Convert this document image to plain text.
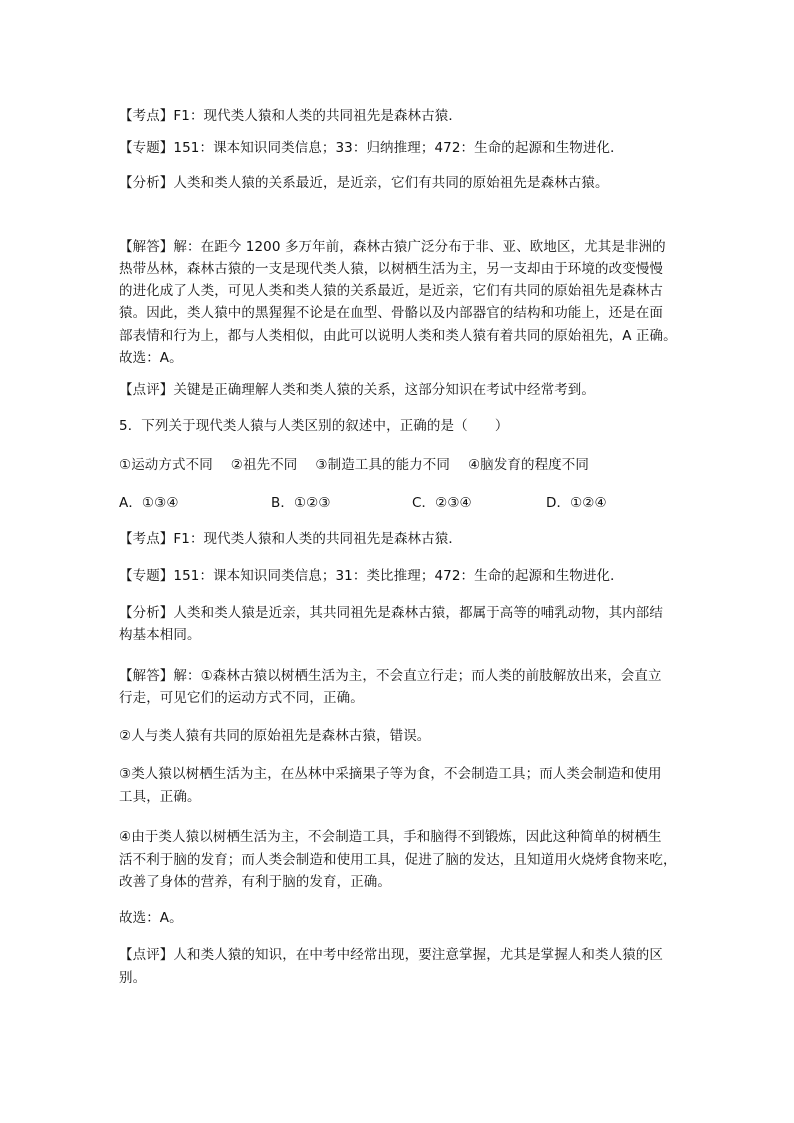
【考点】F1：现代类人猿和人类的共同祖先是森林古猿．
【专题】151：课本知识同类信息；33：归纳推理；472：生命的起源和生物进化．
【分析】人类和类人猿的关系最近，是近亲，它们有共同的原始祖先是森林古猿。
【解答】解：在距今 1200 多万年前，森林古猿广泛分布于非、亚、欧地区，尤其是非洲的
热带丛林，森林古猿的一支是现代类人猿，以树栖生活为主，另一支却由于环境的改变慢慢
的进化成了人类，可见人类和类人猿的关系最近，是近亲，它们有共同的原始祖先是森林古
猿。因此，类人猿中的黑猩猩不论是在血型、骨骼以及内部器官的结构和功能上，还是在面
部表情和行为上，都与人类相似，由此可以说明人类和类人猿有着共同的原始祖先，A 正确。
故选：A。
【点评】关键是正确理解人类和类人猿的关系，这部分知识在考试中经常考到。
5．下列关于现代类人猿与人类区别的叙述中，正确的是（　　）
①运动方式不同　 ②祖先不同　 ③制造工具的能力不同　 ④脑发育的程度不同
A．①③④	B．①②③	C．②③④	D．①②④
【考点】F1：现代类人猿和人类的共同祖先是森林古猿．
【专题】151：课本知识同类信息；31：类比推理；472：生命的起源和生物进化．
【分析】人类和类人猿是近亲，其共同祖先是森林古猿，都属于高等的哺乳动物，其内部结
构基本相同。
【解答】解：①森林古猿以树栖生活为主，不会直立行走；而人类的前肢解放出来，会直立
行走，可见它们的运动方式不同，正确。
②人与类人猿有共同的原始祖先是森林古猿，错误。
③类人猿以树栖生活为主，在丛林中采摘果子等为食，不会制造工具；而人类会制造和使用
工具，正确。
④由于类人猿以树栖生活为主，不会制造工具，手和脑得不到锻炼，因此这种简单的树栖生
活不利于脑的发育；而人类会制造和使用工具，促进了脑的发达，且知道用火烧烤食物来吃，
改善了身体的营养，有利于脑的发育，正确。
故选：A。
【点评】人和类人猿的知识，在中考中经常出现，要注意掌握，尤其是掌握人和类人猿的区
别。
